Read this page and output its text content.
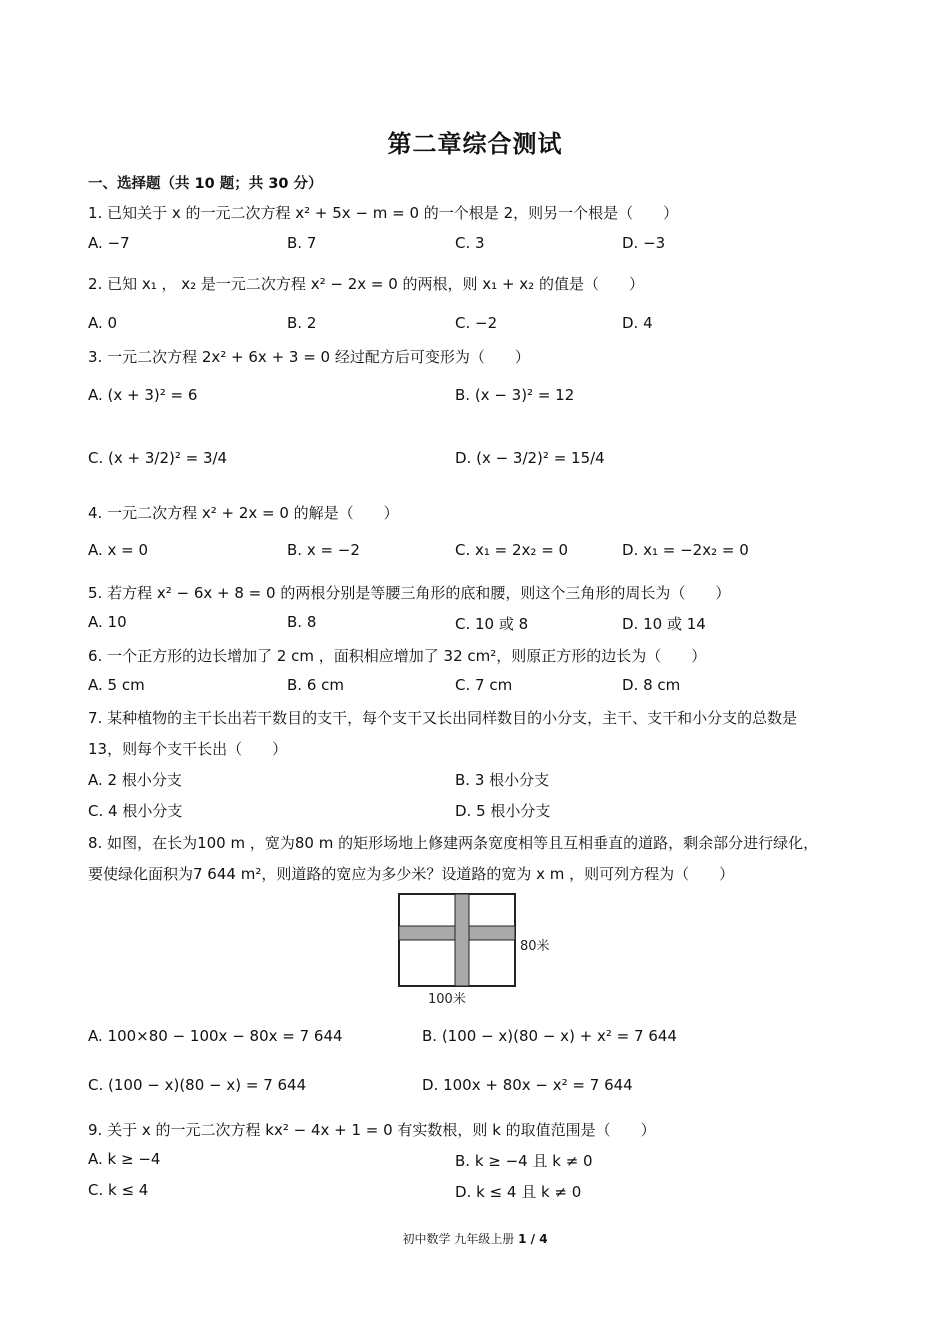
第二章综合测试
一、选择题（共 10 题；共 30 分）
1. 已知关于 x 的一元二次方程 x² + 5x − m = 0 的一个根是 2，则另一个根是（　　）
A. −7	B. 7	C. 3	D. −3
2. 已知 x₁ ， x₂ 是一元二次方程 x² − 2x = 0 的两根，则 x₁ + x₂ 的值是（　　）
A. 0	B. 2	C. −2	D. 4
3. 一元二次方程 2x² + 6x + 3 = 0 经过配方后可变形为（　　）
A. (x + 3)² = 6	B. (x − 3)² = 12
C. (x + 3/2)² = 3/4	D. (x − 3/2)² = 15/4
4. 一元二次方程 x² + 2x = 0 的解是（　　）
A. x = 0	B. x = −2	C. x₁ = 2x₂ = 0	D. x₁ = −2x₂ = 0
5. 若方程 x² − 6x + 8 = 0 的两根分别是等腰三角形的底和腰，则这个三角形的周长为（　　）
A. 10	B. 8	C. 10 或 8	D. 10 或 14
6. 一个正方形的边长增加了 2 cm ，面积相应增加了 32 cm²，则原正方形的边长为（　　）
A. 5 cm	B. 6 cm	C. 7 cm	D. 8 cm
7. 某种植物的主干长出若干数目的支干，每个支干又长出同样数目的小分支，主干、支干和小分支的总数是
13，则每个支干长出（　　）
A. 2 根小分支	B. 3 根小分支
C. 4 根小分支	D. 5 根小分支
8. 如图，在长为100 m ，宽为80 m 的矩形场地上修建两条宽度相等且互相垂直的道路，剩余部分进行绿化，
要使绿化面积为7 644 m²，则道路的宽应为多少米？设道路的宽为 x m ，则可列方程为（　　）
80米
100米
A. 100×80 − 100x − 80x = 7 644	B. (100 − x)(80 − x) + x² = 7 644
C. (100 − x)(80 − x) = 7 644	D. 100x + 80x − x² = 7 644
9. 关于 x 的一元二次方程 kx² − 4x + 1 = 0 有实数根，则 k 的取值范围是（　　）
A. k ≥ −4	B. k ≥ −4 且 k ≠ 0
C. k ≤ 4	D. k ≤ 4 且 k ≠ 0
初中数学 九年级上册 1 / 4
